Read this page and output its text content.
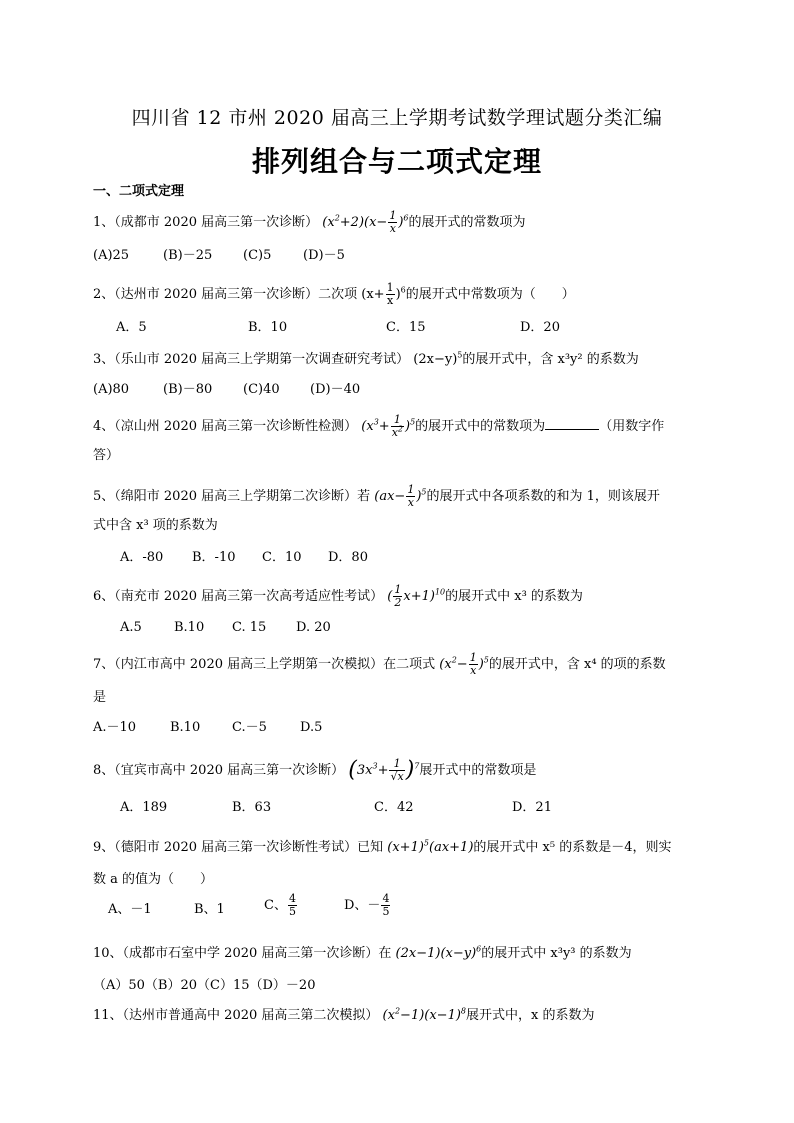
四川省 12 市州 2020 届高三上学期考试数学理试题分类汇编
排列组合与二项式定理
一、二项式定理
1、（成都市 2020 届高三第一次诊断） $(x^2+2)(x- \frac{1}{x} )^6$的展开式的常数项为
(A)25	(B)－25 (C)5 (D)－5
2、（达州市 2020 届高三第一次诊断）二次项 $(x+ \frac{1}{x} )^6$的展开式中常数项为（　　）
A．5	B．10	C．15	D．20
3、（乐山市 2020 届高三上学期第一次调查研究考试） $(2x-y)^5$的展开式中，含 x³y² 的系数为
(A)80	(B)－80 (C)40 (D)－40
4、（凉山州 2020 届高三第一次诊断性检测） $(x^3+ \frac{1}{x^2} )^5$的展开式中的常数项为	（用数字作
答）
5、（绵阳市 2020 届高三上学期第二次诊断）若 $(ax- \frac{1}{x} )^5$的展开式中各项系数的和为 1，则该展开
式中含 x³ 项的系数为
A．-80 B．-10 C．10 D．80
6、（南充市 2020 届高三第一次高考适应性考试） ( $\frac{1}{2} x+1)^{10}$的展开式中 x³ 的系数为
A.5 B.10 C. 15 D. 20
7、（内江市高中 2020 届高三上学期第一次模拟）在二项式 $(x^2- \frac{1}{x} )^5$的展开式中，含 x⁴ 的项的系数
是
A.－10	B.10 C.－5	D.5
8、（宜宾市高中 2020 届高三第一次诊断） $(3x^3+ \frac{1}{√x} )^7$展开式中的常数项是
A．189	B．63	C．42	D．21
9、（德阳市 2020 届高三第一次诊断性考试）已知 $(x+1)^5(ax+1)$的展开式中 x⁵ 的系数是－4，则实
数 a 的值为（　　）
A、－1	B、1	C、 $\frac{4}{5}$	D、－ $\frac{4}{5}$
10、（成都市石室中学 2020 届高三第一次诊断）在 $(2x-1)(x-y)^6$的展开式中 x³y³ 的系数为
（A）50（B）20（C）15（D）－20
11、（达州市普通高中 2020 届高三第二次模拟） $(x^2-1)(x-1)^8$展开式中，x 的系数为
